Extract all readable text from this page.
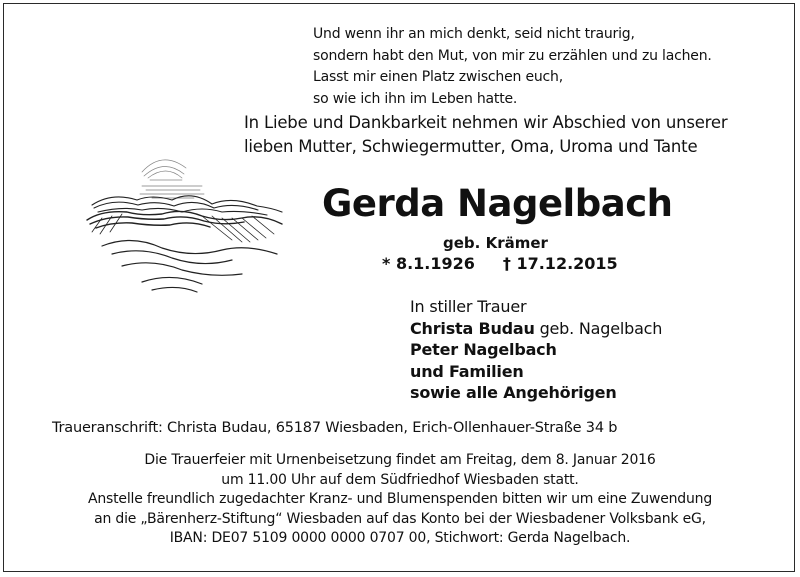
Und wenn ihr an mich denkt, seid nicht traurig,
sondern habt den Mut, von mir zu erzählen und zu lachen.
Lasst mir einen Platz zwischen euch,
so wie ich ihn im Leben hatte.
In Liebe und Dankbarkeit nehmen wir Abschied von unserer
lieben Mutter, Schwiegermutter, Oma, Uroma und Tante
Gerda Nagelbach
geb. Krämer
* 8.1.1926 † 17.12.2015
In stiller Trauer
Christa Budau geb. Nagelbach
Peter Nagelbach
und Familien
sowie alle Angehörigen
Traueranschrift: Christa Budau, 65187 Wiesbaden, Erich-Ollenhauer-Straße 34 b
Die Trauerfeier mit Urnenbeisetzung findet am Freitag, dem 8. Januar 2016
um 11.00 Uhr auf dem Südfriedhof Wiesbaden statt.
Anstelle freundlich zugedachter Kranz- und Blumenspenden bitten wir um eine Zuwendung
an die „Bärenherz-Stiftung“ Wiesbaden auf das Konto bei der Wiesbadener Volksbank eG,
IBAN: DE07 5109 0000 0000 0707 00, Stichwort: Gerda Nagelbach.
